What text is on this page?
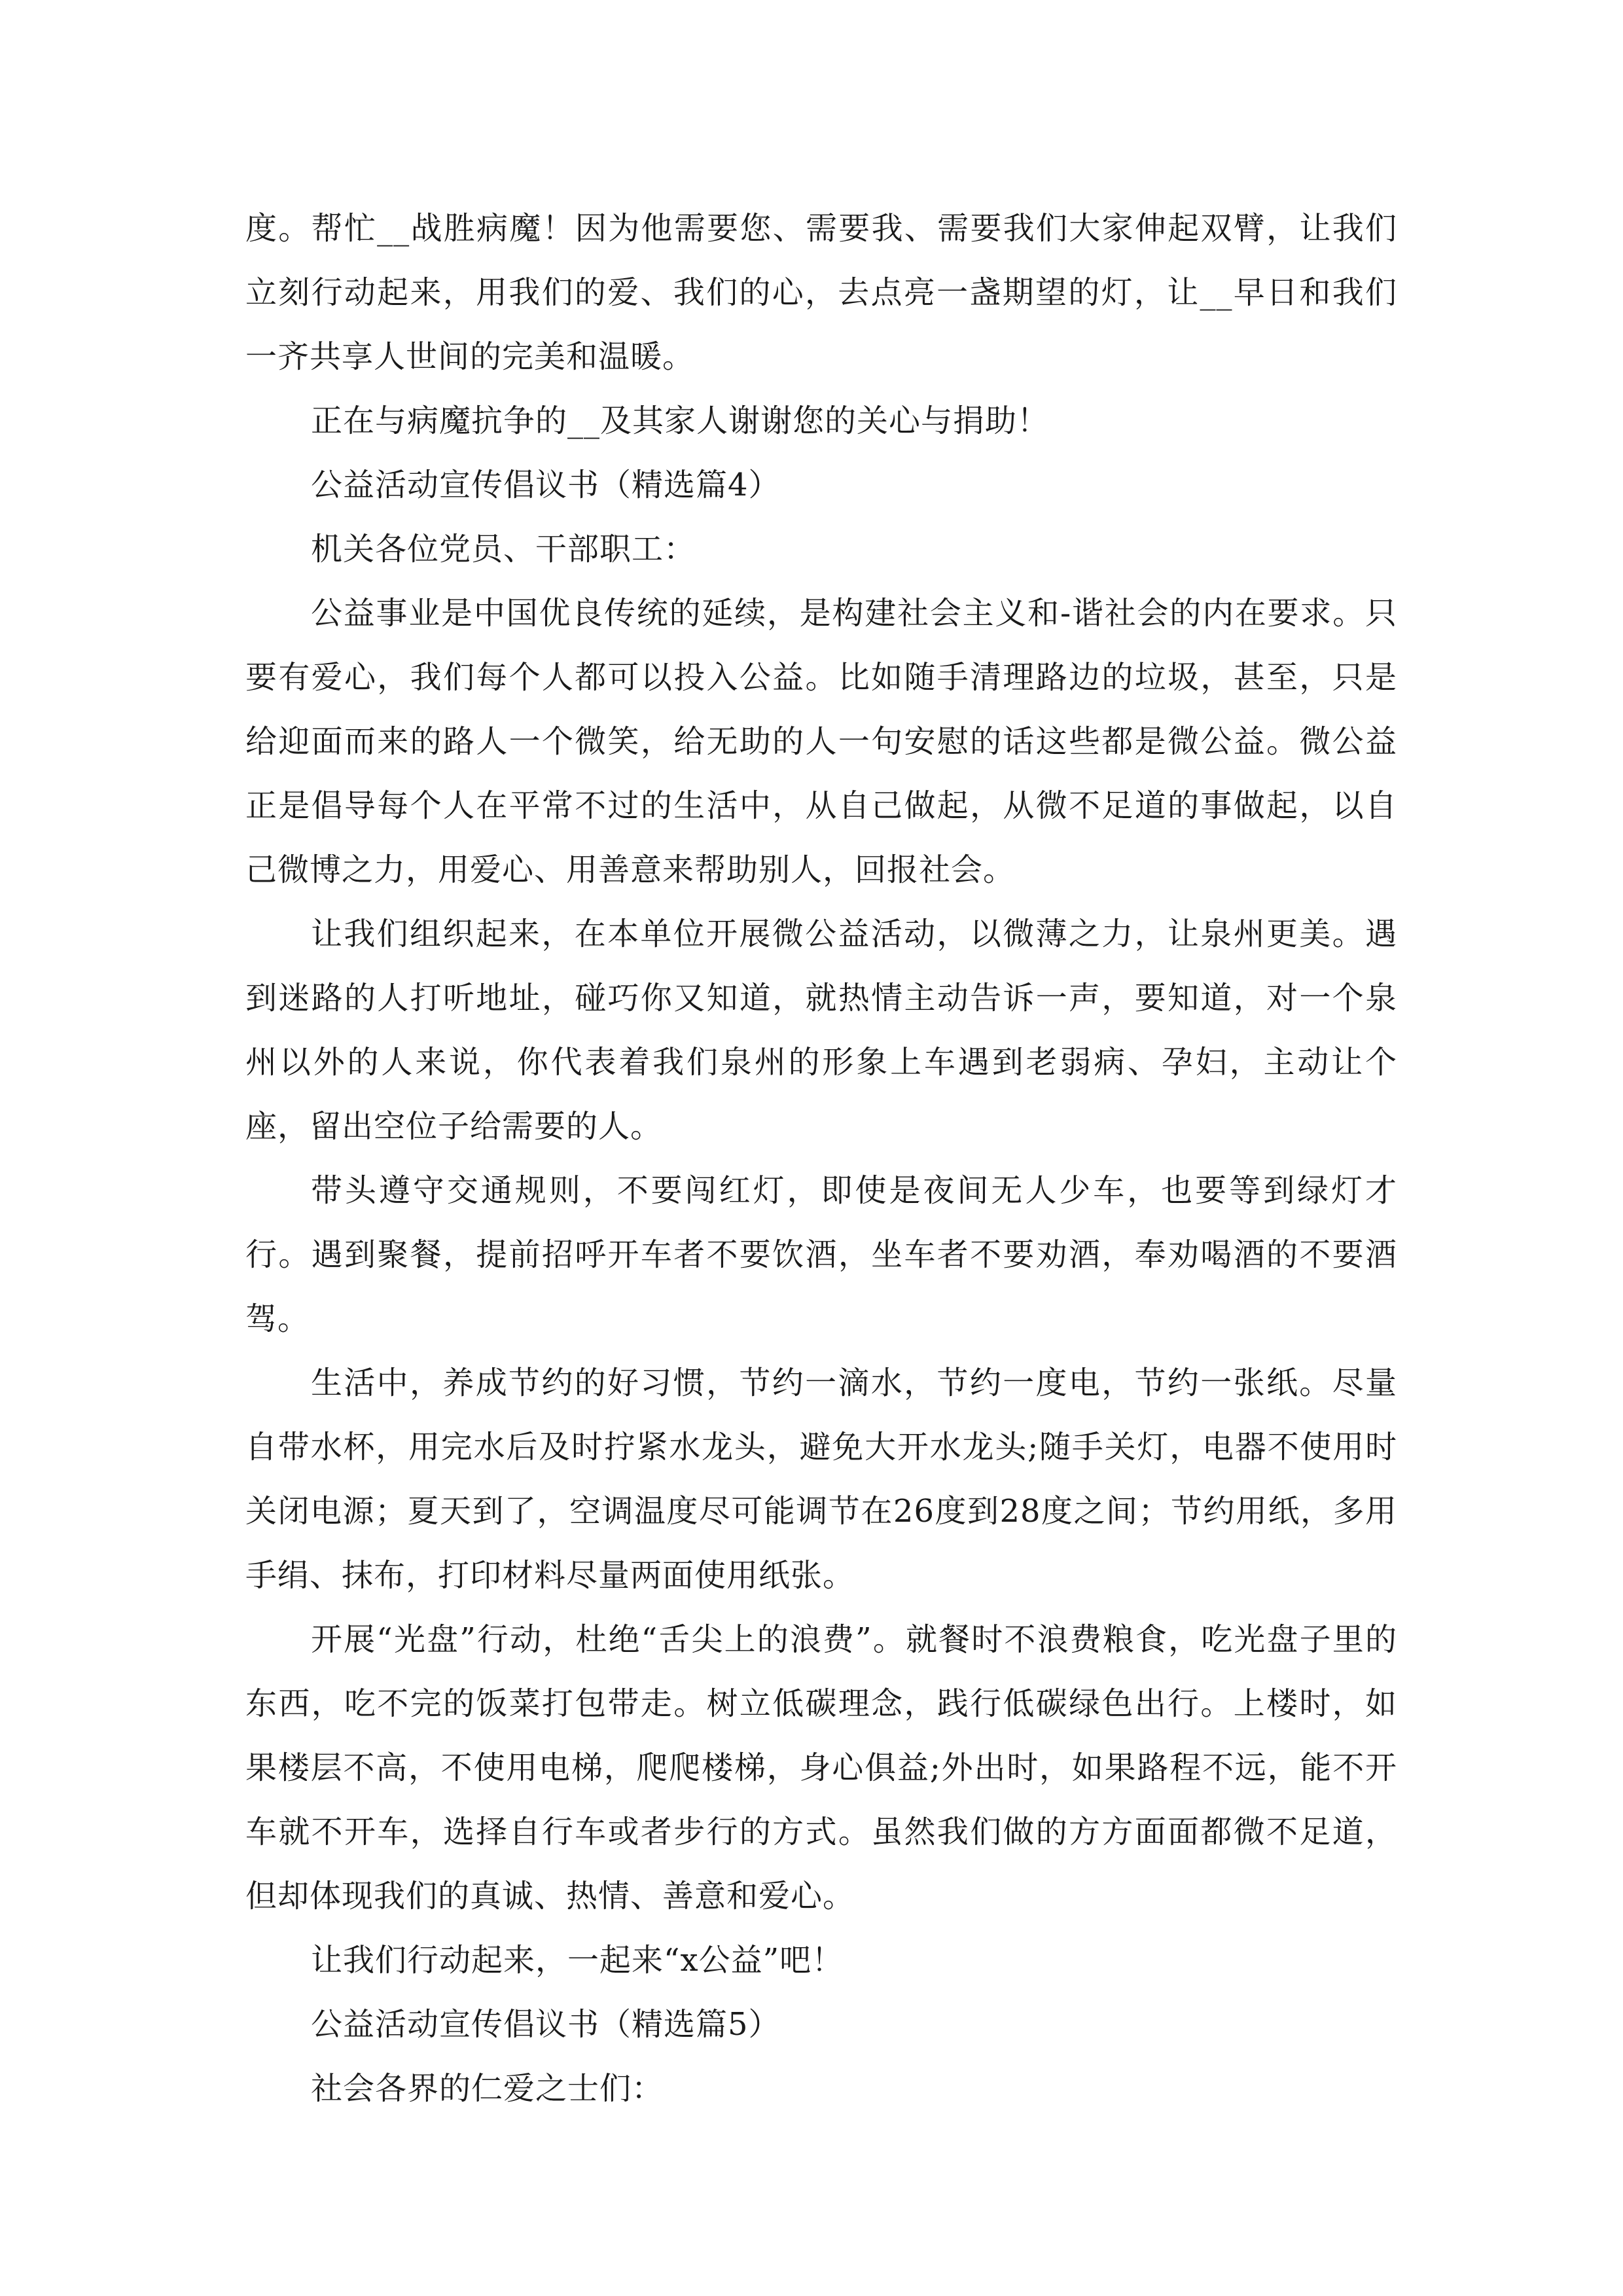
度。帮忙__战胜病魔！因为他需要您、需要我、需要我们大家伸起双臂，让我们立刻行动起来，用我们的爱、我们的心，去点亮一盏期望的灯，让__早日和我们一齐共享人世间的完美和温暖。

正在与病魔抗争的__及其家人谢谢您的关心与捐助！

公益活动宣传倡议书（精选篇4）

机关各位党员、干部职工：

公益事业是中国优良传统的延续，是构建社会主义和-谐社会的内在要求。只要有爱心，我们每个人都可以投入公益。比如随手清理路边的垃圾，甚至，只是给迎面而来的路人一个微笑，给无助的人一句安慰的话这些都是微公益。微公益正是倡导每个人在平常不过的生活中，从自己做起，从微不足道的事做起，以自己微博之力，用爱心、用善意来帮助别人，回报社会。

让我们组织起来，在本单位开展微公益活动，以微薄之力，让泉州更美。遇到迷路的人打听地址，碰巧你又知道，就热情主动告诉一声，要知道，对一个泉州以外的人来说，你代表着我们泉州的形象上车遇到老弱病、孕妇，主动让个座，留出空位子给需要的人。

带头遵守交通规则，不要闯红灯，即使是夜间无人少车，也要等到绿灯才行。遇到聚餐，提前招呼开车者不要饮酒，坐车者不要劝酒，奉劝喝酒的不要酒驾。

生活中，养成节约的好习惯，节约一滴水，节约一度电，节约一张纸。尽量自带水杯，用完水后及时拧紧水龙头，避免大开水龙头;随手关灯，电器不使用时关闭电源；夏天到了，空调温度尽可能调节在26度到28度之间；节约用纸，多用手绢、抹布，打印材料尽量两面使用纸张。

开展“光盘”行动，杜绝“舌尖上的浪费”。就餐时不浪费粮食，吃光盘子里的东西，吃不完的饭菜打包带走。树立低碳理念，践行低碳绿色出行。上楼时，如果楼层不高，不使用电梯，爬爬楼梯，身心俱益;外出时，如果路程不远，能不开车就不开车，选择自行车或者步行的方式。虽然我们做的方方面面都微不足道，但却体现我们的真诚、热情、善意和爱心。

让我们行动起来，一起来“x公益”吧！

公益活动宣传倡议书（精选篇5）

社会各界的仁爱之士们：
